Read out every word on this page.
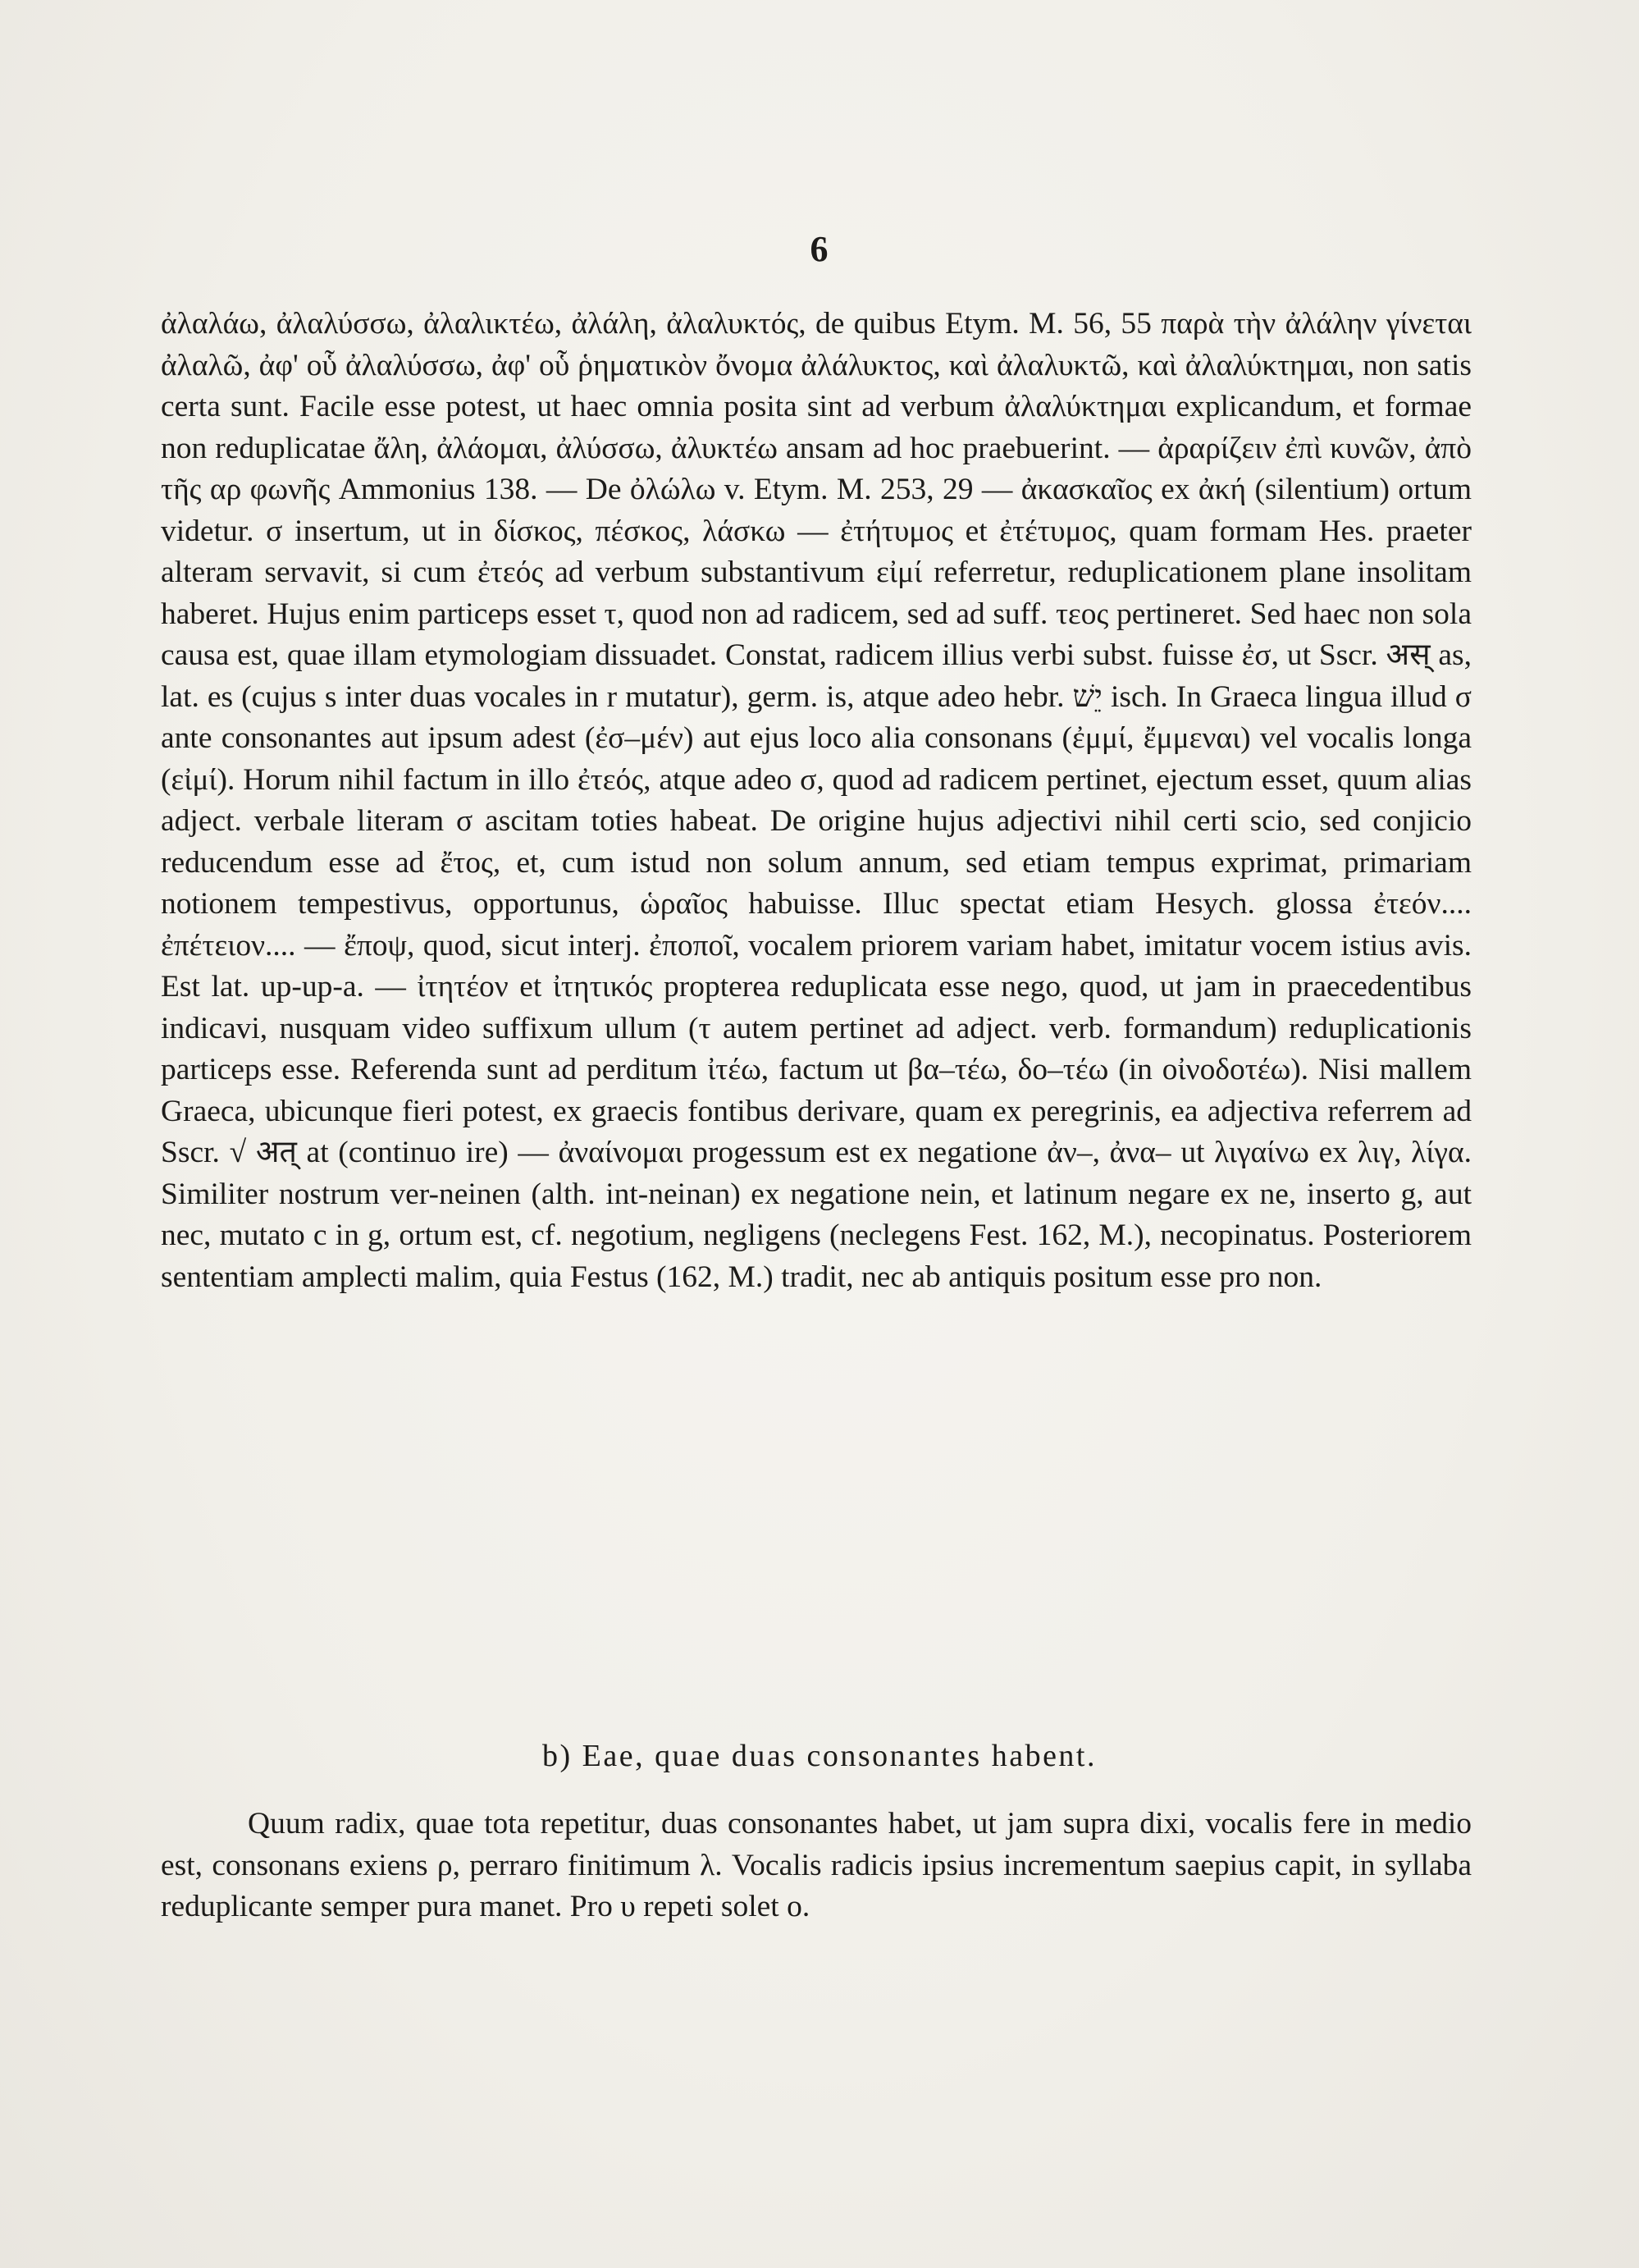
6

ἀλαλάω, ἀλαλύσσω, ἀλαλικτέω, ἀλάλη, ἀλαλυκτός, de quibus Etym. M. 56, 55 παρὰ τὴν ἀλάλην γίνεται ἀλαλῶ, ἀφ' οὗ ἀλαλύσσω, ἀφ' οὗ ῥηματικὸν ὄνομα ἀλάλυκτος, καὶ ἀλαλυκτῶ, καὶ ἀλαλύκτημαι, non satis certa sunt. Facile esse potest, ut haec omnia posita sint ad verbum ἀλαλύκτημαι explicandum, et formae non reduplicatae ἄλη, ἀλάομαι, ἀλύσσω, ἀλυκτέω ansam ad hoc praebuerint. — ἀραρίζειν ἐπὶ κυνῶν, ἀπὸ τῆς αρ φωνῆς Ammonius 138. — De ὀλώλω v. Etym. M. 253, 29 — ἀκασκαῖος ex ἀκή (silentium) ortum videtur. σ insertum, ut in δίσκος, πέσκος, λάσκω — ἐτήτυμος et ἐτέτυμος, quam formam Hes. praeter alteram servavit, si cum ἐτεός ad verbum substantivum εἰμί referretur, reduplicationem plane insolitam haberet. Hujus enim particeps esset τ, quod non ad radicem, sed ad suff. τεος pertineret. Sed haec non sola causa est, quae illam etymologiam dissuadet. Constat, radicem illius verbi subst. fuisse ἐσ, ut Sscr. अस् as, lat. es (cujus s inter duas vocales in r mutatur), germ. is, atque adeo hebr. יֵשׁ isch. In Graeca lingua illud σ ante consonantes aut ipsum adest (ἐσ–μέν) aut ejus loco alia consonans (ἐμμί, ἔμμεναι) vel vocalis longa (εἰμί). Horum nihil factum in illo ἐτεός, atque adeo σ, quod ad radicem pertinet, ejectum esset, quum alias adject. verbale literam σ ascitam toties habeat. De origine hujus adjectivi nihil certi scio, sed conjicio reducendum esse ad ἔτος, et, cum istud non solum annum, sed etiam tempus exprimat, primariam notionem tempestivus, opportunus, ὡραῖος habuisse. Illuc spectat etiam Hesych. glossa ἐτεόν.... ἐπέτειον.... — ἔποψ, quod, sicut interj. ἐποποῖ, vocalem priorem variam habet, imitatur vocem istius avis. Est lat. up-up-a. — ἰτητέον et ἰτητικός propterea reduplicata esse nego, quod, ut jam in praecedentibus indicavi, nusquam video suffixum ullum (τ autem pertinet ad adject. verb. formandum) reduplicationis particeps esse. Referenda sunt ad perditum ἰτέω, factum ut βα–τέω, δο–τέω (in οἰνοδοτέω). Nisi mallem Graeca, ubicunque fieri potest, ex graecis fontibus derivare, quam ex peregrinis, ea adjectiva referrem ad Sscr. √ अत् at (continuo ire) — ἀναίνομαι progessum est ex negatione ἀν–, ἀνα– ut λιγαίνω ex λιγ, λίγα. Similiter nostrum ver-neinen (alth. int-neinan) ex negatione nein, et latinum negare ex ne, inserto g, aut nec, mutato c in g, ortum est, cf. negotium, negligens (neclegens Fest. 162, M.), necopinatus. Posteriorem sententiam amplecti malim, quia Festus (162, M.) tradit, nec ab antiquis positum esse pro non.

b) Eae, quae duas consonantes habent.

Quum radix, quae tota repetitur, duas consonantes habet, ut jam supra dixi, vocalis fere in medio est, consonans exiens ρ, perraro finitimum λ. Vocalis radicis ipsius incrementum saepius capit, in syllaba reduplicante semper pura manet. Pro υ repeti solet ο.
